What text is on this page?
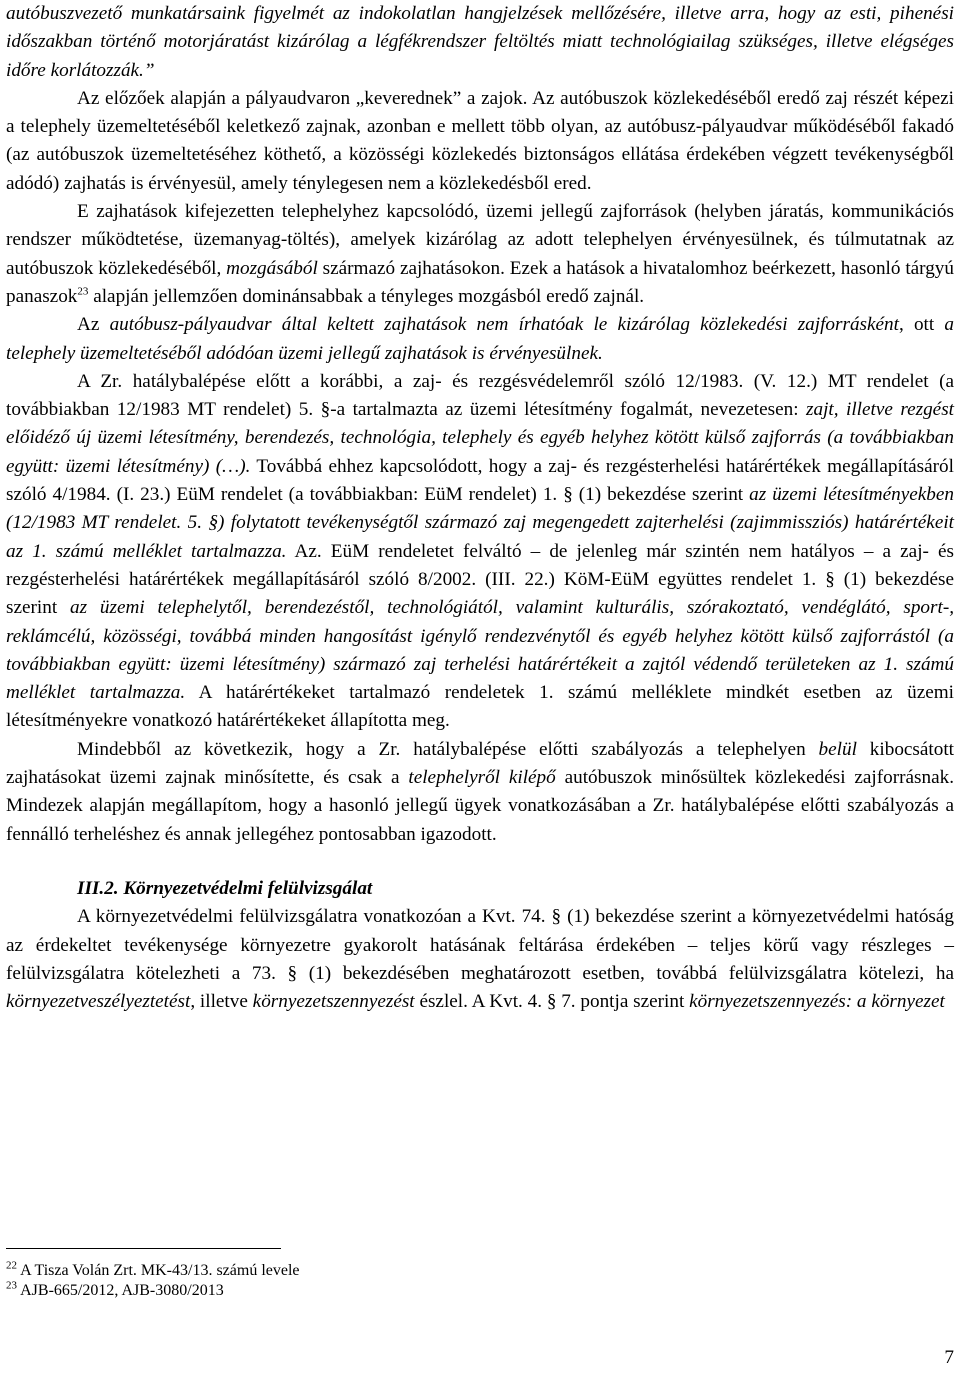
autóbuszvezető munkatársaink figyelmét az indokolatlan hangjelzések mellőzésére, illetve arra, hogy az esti, pihenési időszakban történő motorjáratást kizárólag a légfékrendszer feltöltés miatt technológiailag szükséges, illetve elégséges időre korlátozzák.”

Az előzőek alapján a pályaudvaron „keverednek” a zajok. Az autóbuszok közlekedéséből eredő zaj részét képezi a telephely üzemeltetéséből keletkező zajnak, azonban e mellett több olyan, az autóbusz-pályaudvar működéséből fakadó (az autóbuszok üzemeltetéséhez köthető, a közösségi közlekedés biztonságos ellátása érdekében végzett tevékenységből adódó) zajhatás is érvényesül, amely ténylegesen nem a közlekedésből ered.

E zajhatások kifejezetten telephelyhez kapcsolódó, üzemi jellegű zajforrások (helyben járatás, kommunikációs rendszer működtetése, üzemanyag-töltés), amelyek kizárólag az adott telephelyen érvényesülnek, és túlmutatnak az autóbuszok közlekedéséből, mozgásából származó zajhatásokon. Ezek a hatások a hivatalomhoz beérkezett, hasonló tárgyú panaszok$^{23}$ alapján jellemzően dominánsabbak a tényleges mozgásból eredő zajnál.

Az autóbusz-pályaudvar által keltett zajhatások nem írhatóak le kizárólag közlekedési zajforrásként, ott a telephely üzemeltetéséből adódóan üzemi jellegű zajhatások is érvényesülnek.

A Zr. hatálybalépése előtt a korábbi, a zaj- és rezgésvédelemről szóló 12/1983. (V. 12.) MT rendelet (a továbbiakban 12/1983 MT rendelet) 5. §-a tartalmazta az üzemi létesítmény fogalmát, nevezetesen: zajt, illetve rezgést előidéző új üzemi létesítmény, berendezés, technológia, telephely és egyéb helyhez kötött külső zajforrás (a továbbiakban együtt: üzemi létesítmény) (…). Továbbá ehhez kapcsolódott, hogy a zaj- és rezgésterhelési határértékek megállapításáról szóló 4/1984. (I. 23.) EüM rendelet (a továbbiakban: EüM rendelet) 1. § (1) bekezdése szerint az üzemi létesítményekben (12/1983 MT rendelet. 5. §) folytatott tevékenységtől származó zaj megengedett zajterhelési (zajimmissziós) határértékeit az 1. számú melléklet tartalmazza. Az. EüM rendeletet felváltó – de jelenleg már szintén nem hatályos – a zaj- és rezgésterhelési határértékek megállapításáról szóló 8/2002. (III. 22.) KöM-EüM együttes rendelet 1. § (1) bekezdése szerint az üzemi telephelytől, berendezéstől, technológiától, valamint kulturális, szórakoztató, vendéglátó, sport-, reklámcélú, közösségi, továbbá minden hangosítást igénylő rendezvénytől és egyéb helyhez kötött külső zajforrástól (a továbbiakban együtt: üzemi létesítmény) származó zaj terhelési határértékeit a zajtól védendő területeken az 1. számú melléklet tartalmazza. A határértékeket tartalmazó rendeletek 1. számú melléklete mindkét esetben az üzemi létesítményekre vonatkozó határértékeket állapította meg.

Mindebből az következik, hogy a Zr. hatálybalépése előtti szabályozás a telephelyen belül kibocsátott zajhatásokat üzemi zajnak minősítette, és csak a telephelyről kilépő autóbuszok minősültek közlekedési zajforrásnak. Mindezek alapján megállapítom, hogy a hasonló jellegű ügyek vonatkozásában a Zr. hatálybalépése előtti szabályozás a fennálló terheléshez és annak jellegéhez pontosabban igazodott.

III.2. Környezetvédelmi felülvizsgálat

A környezetvédelmi felülvizsgálatra vonatkozóan a Kvt. 74. § (1) bekezdése szerint a környezetvédelmi hatóság az érdekeltet tevékenysége környezetre gyakorolt hatásának feltárása érdekében – teljes körű vagy részleges – felülvizsgálatra kötelezheti a 73. § (1) bekezdésében meghatározott esetben, továbbá felülvizsgálatra kötelezi, ha környezetveszélyeztetést, illetve környezetszennyezést észlel. A Kvt. 4. § 7. pontja szerint környezetszennyezés: a környezet

$^{22}$ A Tisza Volán Zrt. MK-43/13. számú levele

$^{23}$ AJB-665/2012, AJB-3080/2013

7
